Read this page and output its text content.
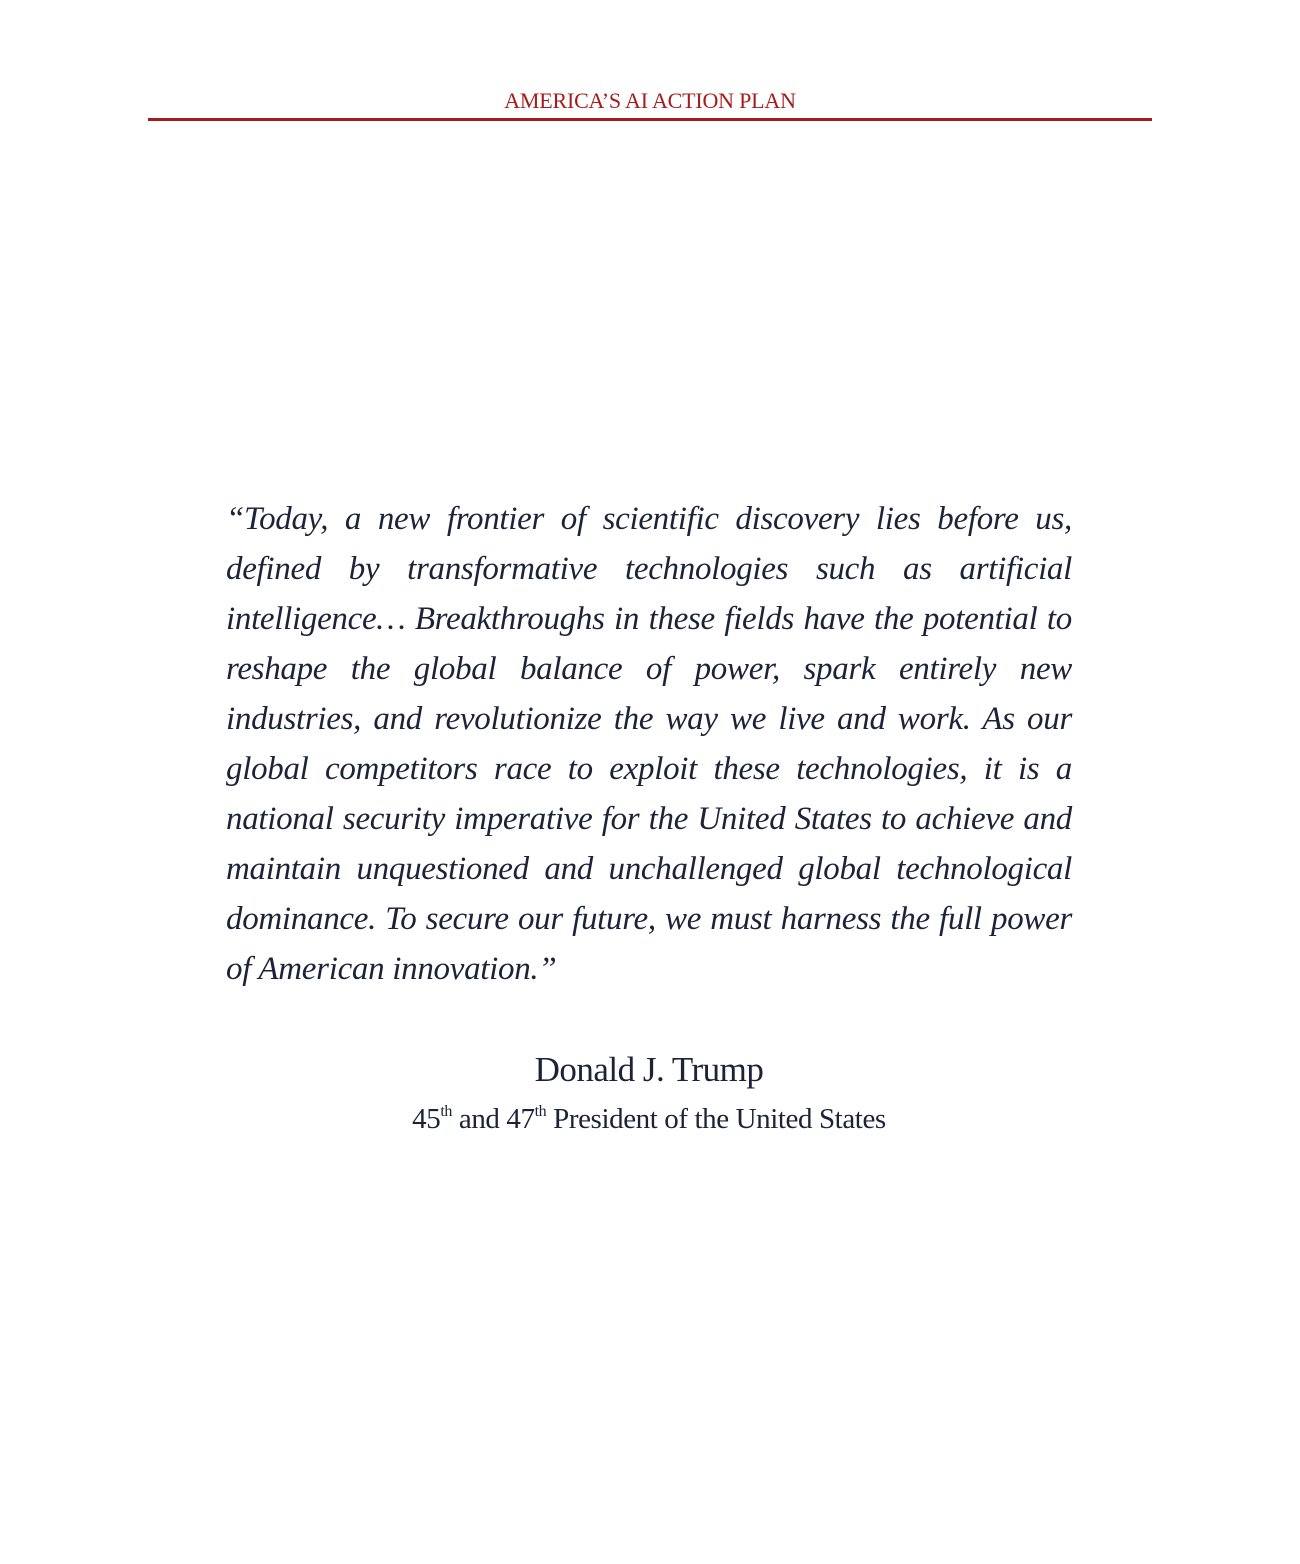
AMERICA’S AI ACTION PLAN

“Today, a new frontier of scientific discovery lies before us, defined by transformative technologies such as artificial intelligence… Breakthroughs in these fields have the potential to reshape the global balance of power, spark entirely new industries, and revolutionize the way we live and work. As our global competitors race to exploit these technologies, it is a national security imperative for the United States to achieve and maintain unquestioned and unchallenged global technological dominance. To secure our future, we must harness the full power of American innovation.”

Donald J. Trump
45th and 47th President of the United States
